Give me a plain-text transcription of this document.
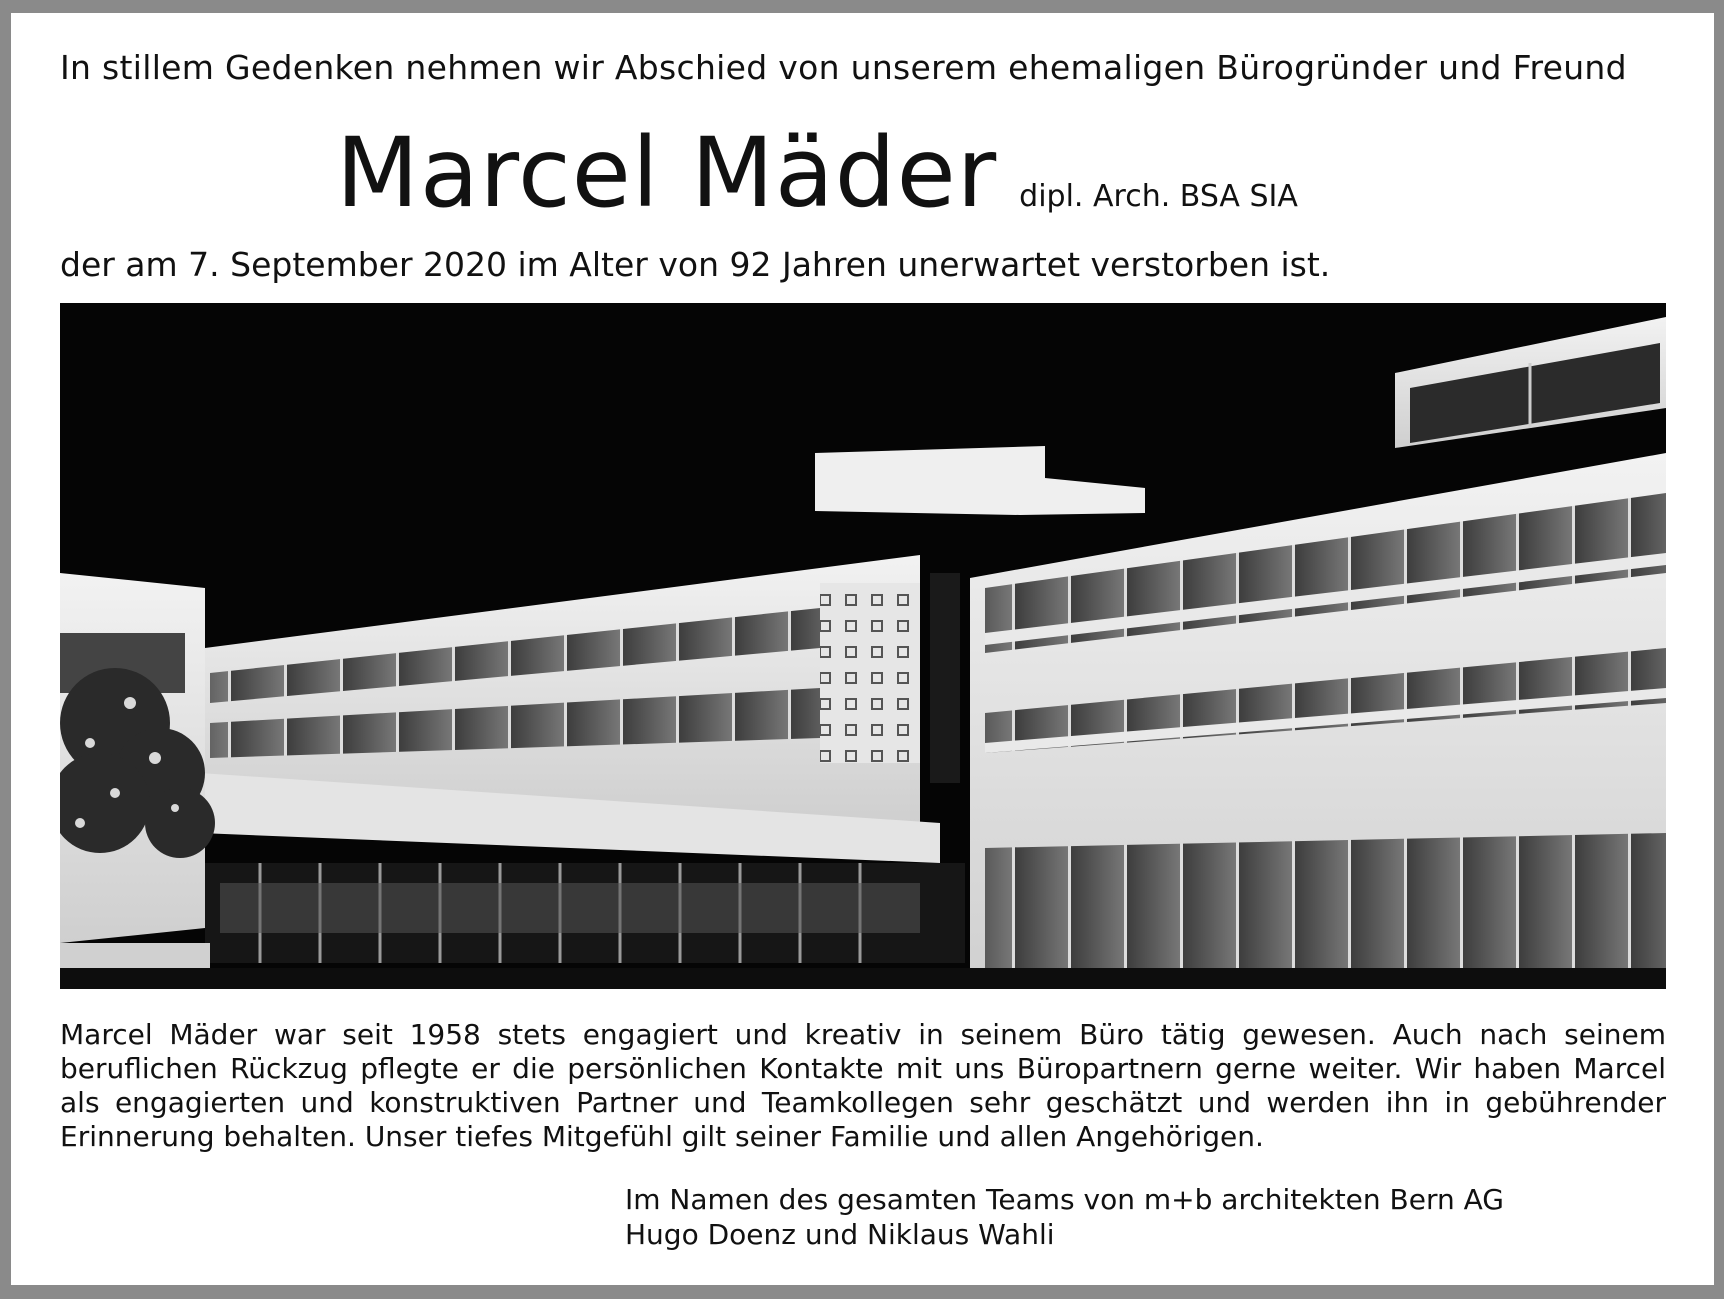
In stillem Gedenken nehmen wir Abschied von unserem ehemaligen Bürogründer und Freund
Marcel Mäder dipl. Arch. BSA SIA
der am 7. September 2020 im Alter von 92 Jahren unerwartet verstorben ist.
Marcel Mäder war seit 1958 stets engagiert und kreativ in seinem Büro tätig gewesen. Auch nach seinem beruflichen Rückzug pflegte er die persönlichen Kontakte mit uns Büropartnern gerne weiter. Wir haben Marcel als engagierten und konstruktiven Partner und Teamkollegen sehr geschätzt und werden ihn in gebührender Erinnerung behalten. Unser tiefes Mitgefühl gilt seiner Familie und allen Angehörigen.
Im Namen des gesamten Teams von m+b architekten Bern AG
Hugo Doenz und Niklaus Wahli
